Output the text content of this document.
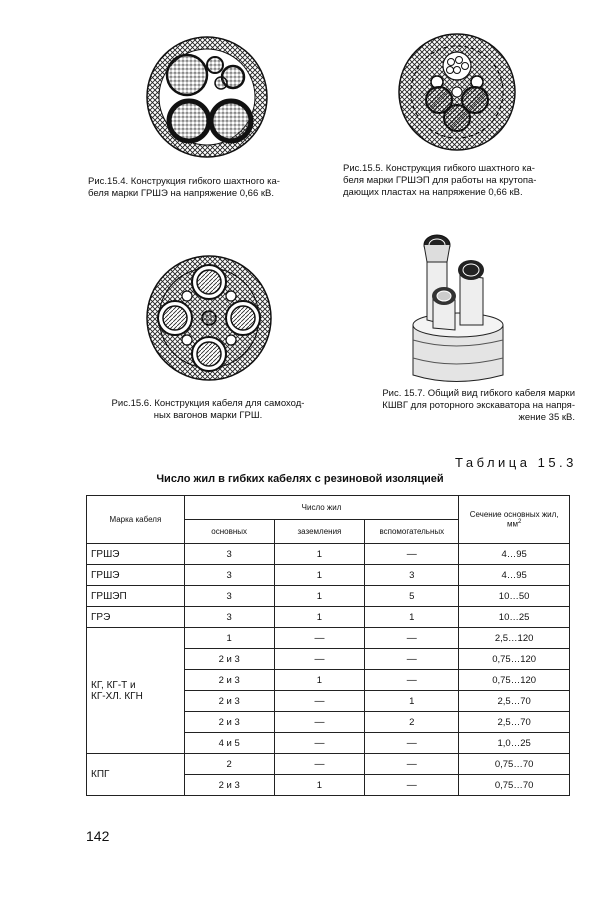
Рис.15.4. Конструкция гибкого шахтного ка-
беля марки ГРШЭ на напряжение 0,66 кВ.
Рис.15.5. Конструкция гибкого шахтного ка-
беля марки ГРШЭП для работы на крутопа-
дающих пластах на напряжение 0,66 кВ.
Рис.15.6. Конструкция кабеля для самоход-
ных вагонов марки ГРШ.
Рис. 15.7. Общий вид гибкого кабеля марки
КШВГ для роторного экскаватора на напря-
жение 35 кВ.
Таблица 15.3
Число жил в гибких кабелях с резиновой изоляцией
Марка кабеля	Число жил			Сечение основных жил,
$мм^2$
	основных	заземления	вспомогательных	
ГРШЭ	3	1	—	4…95
ГРШЭ	3	1	3	4…95
ГРШЭП	3	1	5	10…50
ГРЭ	3	1	1	10…25
КГ, КГ-Т и
КГ-ХЛ. КГН	1	—	—	2,5…120
	2 и 3	—	—	0,75…120
	2 и 3	1	—	0,75…120
	2 и 3	—	1	2,5…70
	2 и 3	—	2	2,5…70
	4 и 5	—	—	1,0…25
КПГ	2	—	—	0,75…70
	2 и 3	1	—	0,75…70
142
